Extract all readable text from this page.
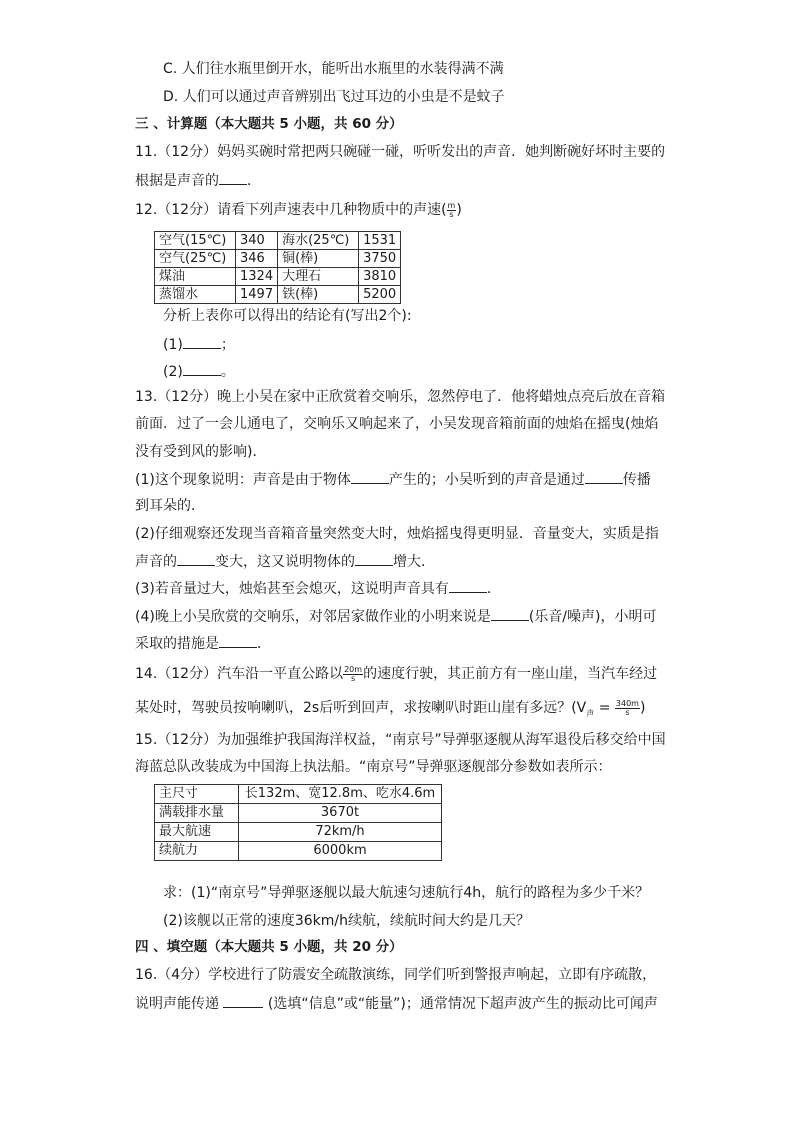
C. 人们往水瓶里倒开水，能听出水瓶里的水装得满不满
D. 人们可以通过声音辨别出飞过耳边的小虫是不是蚊子
三 、计算题（本大题共 5 小题，共 60 分）
11.（12分）妈妈买碗时常把两只碗碰一碰，听听发出的声音．她判断碗好坏时主要的
根据是声音的 ．
12.（12分）请看下列声速表中几种物质中的声速( $\frac{m}{s}$ )
空气(15℃)	340	海水(25℃)	1531
空气(25℃)	346	铜(棒)	3750
煤油	1324	大理石	3810
蒸馏水	1497	铁(棒)	5200
分析上表你可以得出的结论有(写出2个):
(1)	；
(2)	。
13.（12分）晚上小吴在家中正欣赏着交响乐，忽然停电了．他将蜡烛点亮后放在音箱
前面．过了一会儿通电了，交响乐又响起来了，小吴发现音箱前面的烛焰在摇曳(烛焰
没有受到风的影响)．
(1)这个现象说明：声音是由于物体	产生的；小吴听到的声音是通过	传播
到耳朵的．
(2)仔细观察还发现当音箱音量突然变大时，烛焰摇曳得更明显．音量变大，实质是指
声音的	变大，这又说明物体的	增大．
(3)若音量过大，烛焰甚至会熄灭，这说明声音具有	．
(4)晚上小吴欣赏的交响乐，对邻居家做作业的小明来说是	(乐音/噪声)，小明可
采取的措施是	．
14.（12分）汽车沿一平直公路以 $\frac{20m}{s}$ 的速度行驶，其正前方有一座山崖，当汽车经过
某处时，驾驶员按响喇叭，2s后听到回声，求按喇叭时距山崖有多远？($V_声 = \frac{340m}{s}$ )
15.（12分）为加强维护我国海洋权益，“南京号”导弹驱逐舰从海军退役后移交给中国
海蓝总队改装成为中国海上执法船。“南京号”导弹驱逐舰部分参数如表所示：
主尺寸	长132m、宽12.8m、吃水4.6m
满载排水量	3670t
最大航速	72km/h
续航力	6000km
求：(1)“南京号”导弹驱逐舰以最大航速匀速航行4h，航行的路程为多少千米？
(2)该舰以正常的速度36km/h续航，续航时间大约是几天？
四 、填空题（本大题共 5 小题，共 20 分）
16.（4分）学校进行了防震安全疏散演练，同学们听到警报声响起，立即有序疏散，
说明声能传递	(选填“信息”或“能量”)；通常情况下超声波产生的振动比可闻声
